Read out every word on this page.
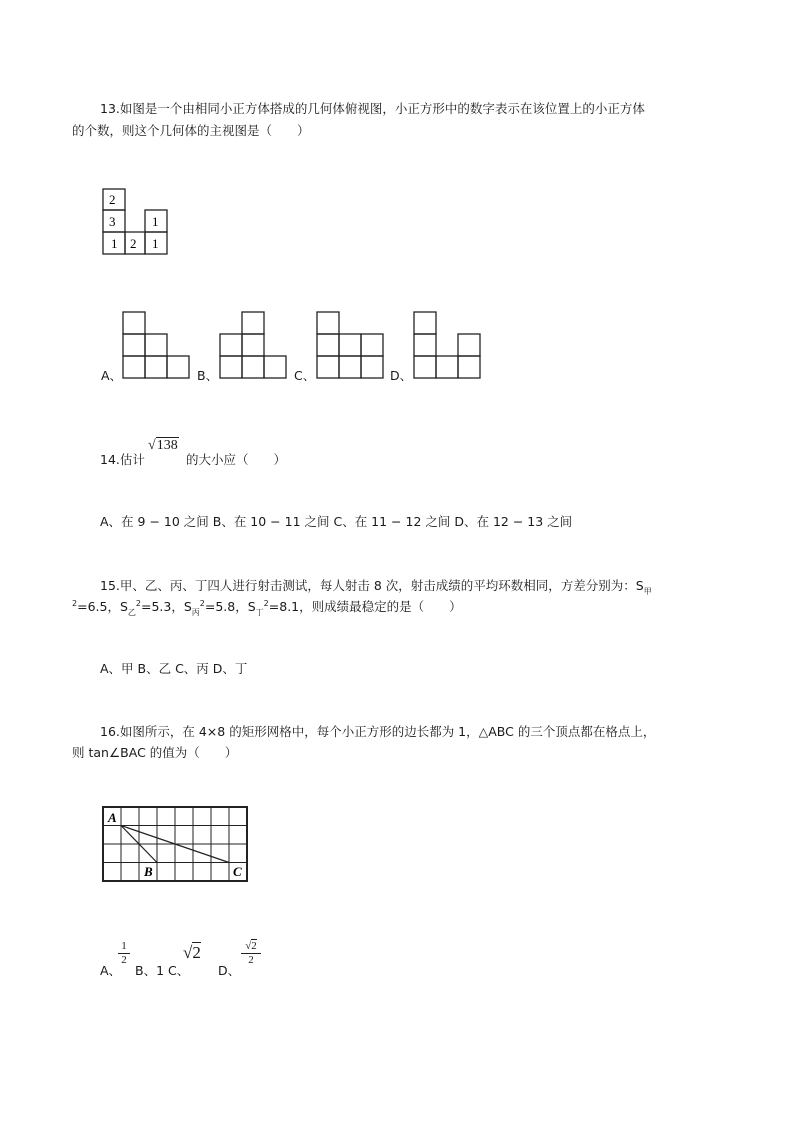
13.如图是一个由相同小正方体搭成的几何体俯视图，小正方形中的数字表示在该位置上的小正方体
的个数，则这个几何体的主视图是（　　）
2
3	1
1 2 1
A、	B、	C、	D、
14.估计
√138
的大小应（　　）
A、在 9 − 10 之间 B、在 10 − 11 之间 C、在 11 − 12 之间 D、在 12 − 13 之间
15.甲、乙、丙、丁四人进行射击测试，每人射击 8 次，射击成绩的平均环数相同，方差分别为：$S_甲$
$^2$=6.5，$S_乙^2=5.3$，$S_丙^2=5.8$，$S_丁^2=8.1$，则成绩最稳定的是（　　）
A、甲 B、乙 C、丙 D、丁
16.如图所示，在 4×8 的矩形网格中，每个小正方形的边长都为 1，△ABC 的三个顶点都在格点上，
则 tan∠BAC 的值为（　　）
A
B	C
A、
$\frac{1}{2}$
B、1 C、
√2
D、
$\frac{√2}{2}$
